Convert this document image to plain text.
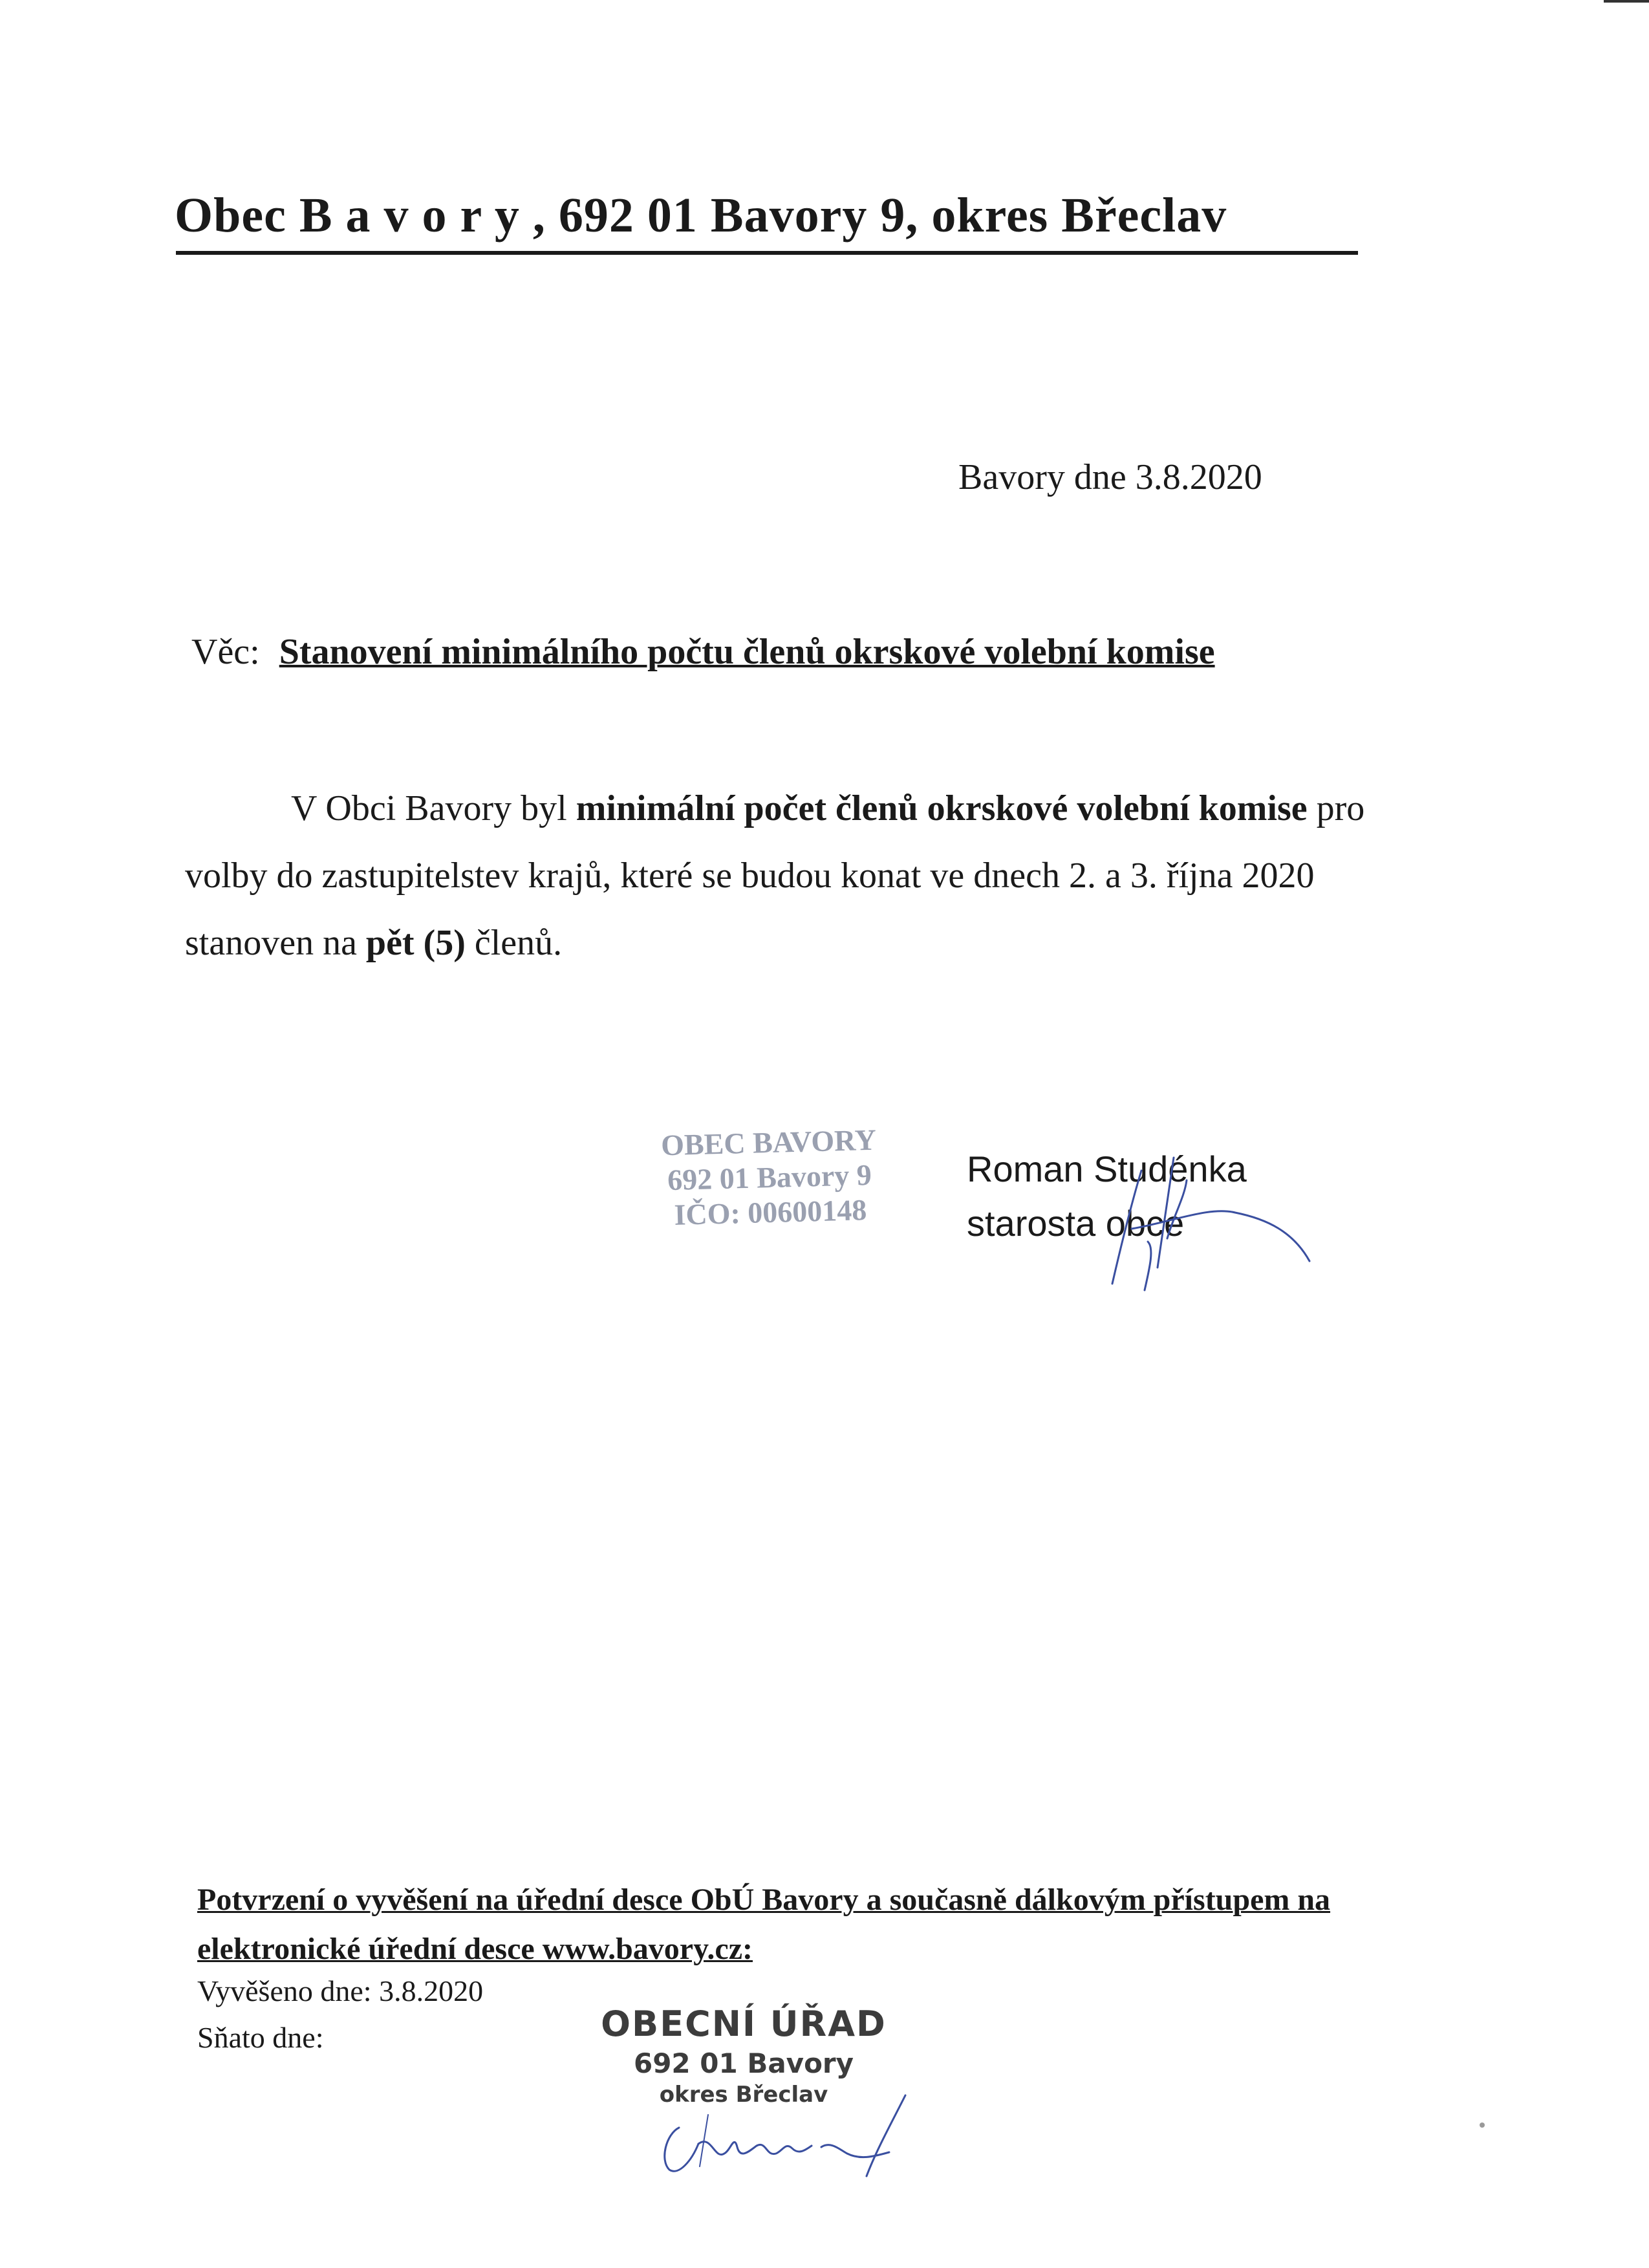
Obec B a v o r y , 692 01 Bavory 9, okres Břeclav
Bavory dne 3.8.2020
Věc: Stanovení minimálního počtu členů okrskové volební komise
V Obci Bavory byl minimální počet členů okrskové volební komise pro volby do zastupitelstev krajů, které se budou konat ve dnech 2. a 3. října 2020 stanoven na pět (5) členů.
OBEC BAVORY
692 01 Bavory 9
IČO: 00600148
Roman Studénka
starosta obce
Potvrzení o vyvěšení na úřední desce ObÚ Bavory a současně dálkovým přístupem na elektronické úřední desce www.bavory.cz:
Vyvěšeno dne: 3.8.2020
Sňato dne:	OBECNÍ ÚŘAD
692 01 Bavory
okres Břeclav
